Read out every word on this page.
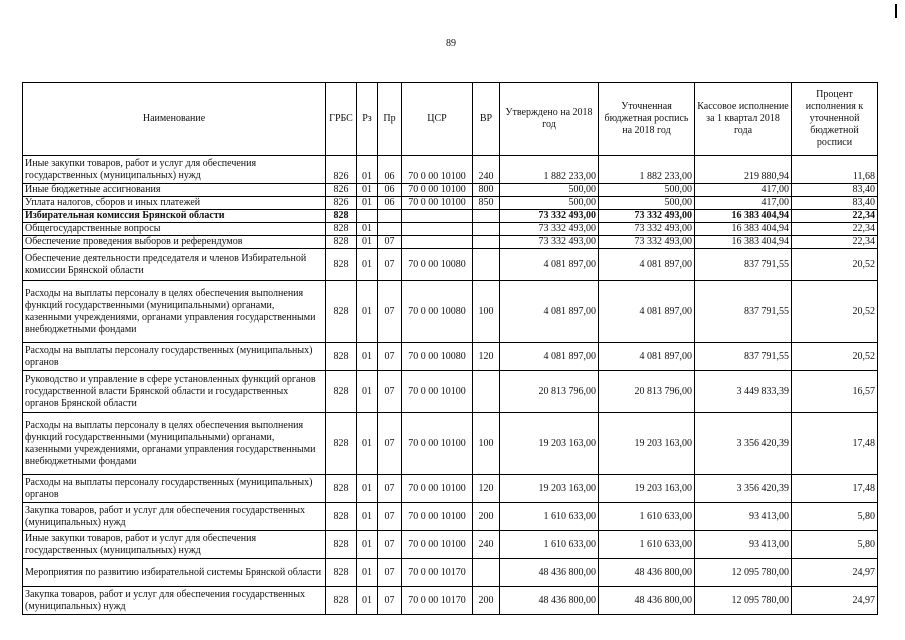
89
Наименование	ГРБС	Рз	Пр	ЦСР	ВР	Утверждено на 2018 год	Уточненная бюджетная роспись на 2018 год	Кассовое исполнение за 1 квартал 2018 года	Процент исполнения к уточненной бюджетной росписи
Иные закупки товаров, работ и услуг для обеспечения государственных (муниципальных) нужд	826	01	06	70 0 00 10100	240	1 882 233,00	1 882 233,00	219 880,94	11,68
Иные бюджетные ассигнования	826	01	06	70 0 00 10100	800	500,00	500,00	417,00	83,40
Уплата налогов, сборов и иных платежей	826	01	06	70 0 00 10100	850	500,00	500,00	417,00	83,40
Избирательная комиссия Брянской области	828					73 332 493,00	73 332 493,00	16 383 404,94	22,34
Общегосударственные вопросы	828	01				73 332 493,00	73 332 493,00	16 383 404,94	22,34
Обеспечение проведения выборов и референдумов	828	01	07			73 332 493,00	73 332 493,00	16 383 404,94	22,34
Обеспечение деятельности председателя и членов Избирательной комиссии Брянской области	828	01	07	70 0 00 10080		4 081 897,00	4 081 897,00	837 791,55	20,52
Расходы на выплаты персоналу в целях обеспечения выполнения функций государственными (муниципальными) органами, казенными учреждениями, органами управления государственными внебюджетными фондами	828	01	07	70 0 00 10080	100	4 081 897,00	4 081 897,00	837 791,55	20,52
Расходы на выплаты персоналу государственных (муниципальных) органов	828	01	07	70 0 00 10080	120	4 081 897,00	4 081 897,00	837 791,55	20,52
Руководство и управление в сфере установленных функций органов государственной власти Брянской области и государственных органов Брянской области	828	01	07	70 0 00 10100		20 813 796,00	20 813 796,00	3 449 833,39	16,57
Расходы на выплаты персоналу в целях обеспечения выполнения функций государственными (муниципальными) органами, казенными учреждениями, органами управления государственными внебюджетными фондами	828	01	07	70 0 00 10100	100	19 203 163,00	19 203 163,00	3 356 420,39	17,48
Расходы на выплаты персоналу государственных (муниципальных) органов	828	01	07	70 0 00 10100	120	19 203 163,00	19 203 163,00	3 356 420,39	17,48
Закупка товаров, работ и услуг для обеспечения государственных (муниципальных) нужд	828	01	07	70 0 00 10100	200	1 610 633,00	1 610 633,00	93 413,00	5,80
Иные закупки товаров, работ и услуг для обеспечения государственных (муниципальных) нужд	828	01	07	70 0 00 10100	240	1 610 633,00	1 610 633,00	93 413,00	5,80
Мероприятия по развитию избирательной системы Брянской области	828	01	07	70 0 00 10170		48 436 800,00	48 436 800,00	12 095 780,00	24,97
Закупка товаров, работ и услуг для обеспечения государственных (муниципальных) нужд	828	01	07	70 0 00 10170	200	48 436 800,00	48 436 800,00	12 095 780,00	24,97
